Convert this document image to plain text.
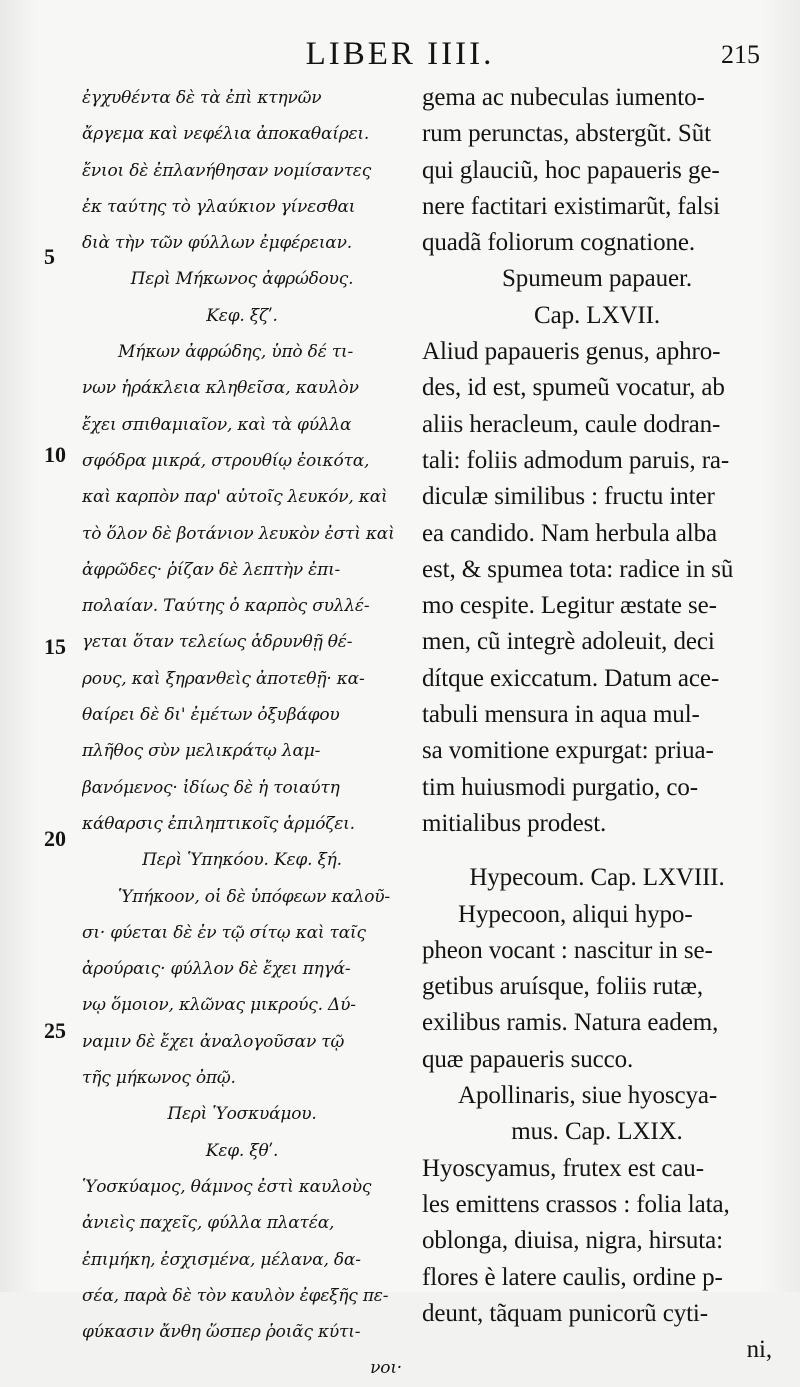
LIBER IIII.	215
5
10
15
20
25
ἐγχυθέντα δὲ τὰ ἐπὶ κτηνῶν
ἄργεμα καὶ νεφέλια ἀποκαθαίρει.
ἔνιοι δὲ ἐπλανήθησαν νομίσαντες
ἐκ ταύτης τὸ γλαύκιον γίνεσθαι
διὰ τὴν τῶν φύλλων ἐμφέρειαν.
Περὶ Μήκωνος ἀφρώδους.
Κεφ. ξζʹ.
Μήκων ἀφρώδης, ὑπὸ δέ τι-
νων ἡράκλεια κληθεῖσα, καυλὸν
ἔχει σπιθαμιαῖον, καὶ τὰ φύλλα
σφόδρα μικρά, στρουθίῳ ἐοικότα,
καὶ καρπὸν παρ' αὐτοῖς λευκόν, καὶ
τὸ ὅλον δὲ βοτάνιον λευκὸν ἐστὶ καὶ
ἀφρῶδες· ῥίζαν δὲ λεπτὴν ἐπι-
πολαίαν. Ταύτης ὁ καρπὸς συλλέ-
γεται ὅταν τελείως ἁδρυνθῇ θέ-
ρους, καὶ ξηρανθεὶς ἀποτεθῇ· κα-
θαίρει δὲ δι' ἐμέτων ὀξυβάφου
πλῆθος σὺν μελικράτῳ λαμ-
βανόμενος· ἰδίως δὲ ἡ τοιαύτη
κάθαρσις ἐπιληπτικοῖς ἁρμόζει.
Περὶ Ὑπηκόου. Κεφ. ξή.
Ὑπήκοον, οἱ δὲ ὑπόφεων καλοῦ-
σι· φύεται δὲ ἐν τῷ σίτῳ καὶ ταῖς
ἀρούραις· φύλλον δὲ ἔχει πηγά-
νῳ ὅμοιον, κλῶνας μικρούς. Δύ-
ναμιν δὲ ἔχει ἀναλογοῦσαν τῷ
τῆς μήκωνος ὀπῷ.
Περὶ Ὑοσκυάμου.
Κεφ. ξθʹ.
Ὑοσκύαμος, θάμνος ἐστὶ καυλοὺς
ἀνιεὶς παχεῖς, φύλλα πλατέα,
ἐπιμήκη, ἐσχισμένα, μέλανα, δα-
σέα, παρὰ δὲ τὸν καυλὸν ἐφεξῆς πε-
φύκασιν ἄνθη ὥσπερ ῥοιᾶς κύτι-
νοι·
gema ac nubeculas iumento-
rum perunctas, abstergũt. Sũt
qui glauciũ, hoc papaueris ge-
nere factitari existimarũt, falsi
quadã foliorum cognatione.
Spumeum papauer.
Cap. LXVII.
Aliud papaueris genus, aphro-
des, id est, spumeũ vocatur, ab
aliis heracleum, caule dodran-
tali: foliis admodum paruis, ra-
diculæ similibus : fructu inter
ea candido. Nam herbula alba
est, & spumea tota: radice in sũ
mo cespite. Legitur æstate se-
men, cũ integrè adoleuit, deci
dítque exiccatum. Datum ace-
tabuli mensura in aqua mul-
sa vomitione expurgat: priua-
tim huiusmodi purgatio, co-
mitialibus prodest.
Hypecoum. Cap. LXVIII.
Hypecoon, aliqui hypo-
pheon vocant : nascitur in se-
getibus aruísque, foliis rutæ,
exilibus ramis. Natura eadem,
quæ papaueris succo.
Apollinaris, siue hyoscya-
mus. Cap. LXIX.
Hyoscyamus, frutex est cau-
les emittens crassos : folia lata,
oblonga, diuisa, nigra, hirsuta:
flores è latere caulis, ordine p-
deunt, tãquam punicorũ cyti-
ni,
